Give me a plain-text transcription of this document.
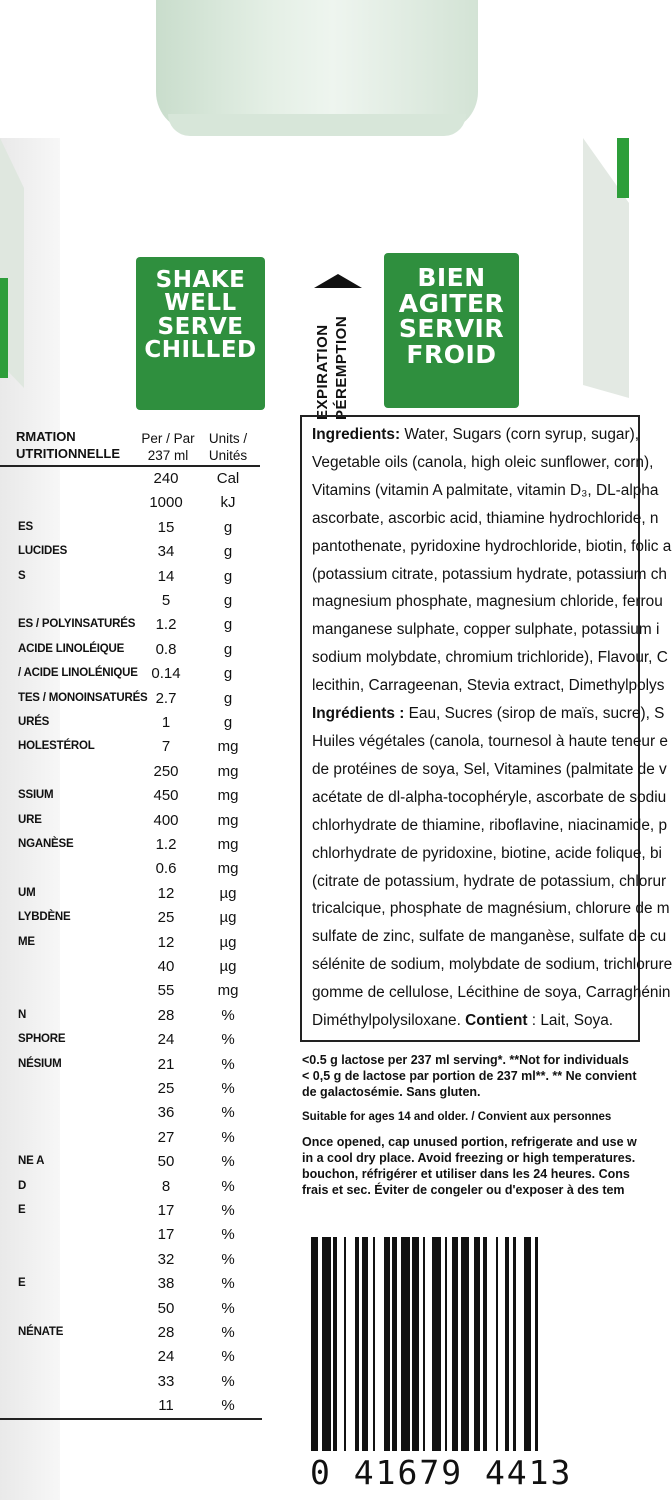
SHAKE
WELL
SERVE
CHILLED
BIEN
AGITER
SERVIR
FROID
EXPIRATION PÉREMPTION
RMATION
UTRITIONNELLE
Per / Par
237 ml
Units /
Unités
240	Cal
1000	kJ
ES	15	g
LUCIDES	34	g
S	14	g
5	g
ES / POLYINSATURÉS	1.2	g
ACIDE LINOLÉIQUE	0.8	g
/ ACIDE LINOLÉNIQUE 0.14	g
TES / MONOINSATURÉS 2.7	g
URÉS	1	g
HOLESTÉROL	7	mg
250	mg
SSIUM	450	mg
URE	400	mg
NGANÈSE	1.2	mg
0.6	mg
UM	12	µg
LYBDÈNE	25	µg
ME	12	µg
40	µg
55	mg
N	28	%
SPHORE	24	%
NÉSIUM	21	%
25	%
36	%
27	%
NE A	50	%
D	8	%
E	17	%
17	%
32	%
E	38	%
50	%
NÉNATE	28	%
24	%
33	%
11	%
Ingredients: Water, Sugars (corn syrup, sugar),
Vegetable oils (canola, high oleic sunflower, corn),
Vitamins (vitamin A palmitate, vitamin D₃, DL-alpha
ascorbate, ascorbic acid, thiamine hydrochloride, n
pantothenate, pyridoxine hydrochloride, biotin, folic a
(potassium citrate, potassium hydrate, potassium ch
magnesium phosphate, magnesium chloride, ferrou
manganese sulphate, copper sulphate, potassium i
sodium molybdate, chromium trichloride), Flavour, C
lecithin, Carrageenan, Stevia extract, Dimethylpolys
Ingrédients : Eau, Sucres (sirop de maïs, sucre), S
Huiles végétales (canola, tournesol à haute teneur e
de protéines de soya, Sel, Vitamines (palmitate de v
acétate de dl-alpha-tocophéryle, ascorbate de sodiu
chlorhydrate de thiamine, riboflavine, niacinamide, p
chlorhydrate de pyridoxine, biotine, acide folique, bi
(citrate de potassium, hydrate de potassium, chlorur
tricalcique, phosphate de magnésium, chlorure de m
sulfate de zinc, sulfate de manganèse, sulfate de cu
sélénite de sodium, molybdate de sodium, trichlorure
gomme de cellulose, Lécithine de soya, Carraghénin
Diméthylpolysiloxane. Contient : Lait, Soya.
<0.5 g lactose per 237 ml serving*. **Not for individuals
< 0,5 g de lactose par portion de 237 ml**. ** Ne convient
de galactosémie. Sans gluten.
Suitable for ages 14 and older. / Convient aux personnes
Once opened, cap unused portion, refrigerate and use w
in a cool dry place. Avoid freezing or high temperatures.
bouchon, réfrigérer et utiliser dans les 24 heures. Cons
frais et sec. Éviter de congeler ou d'exposer à des tem
0 41679 4413
